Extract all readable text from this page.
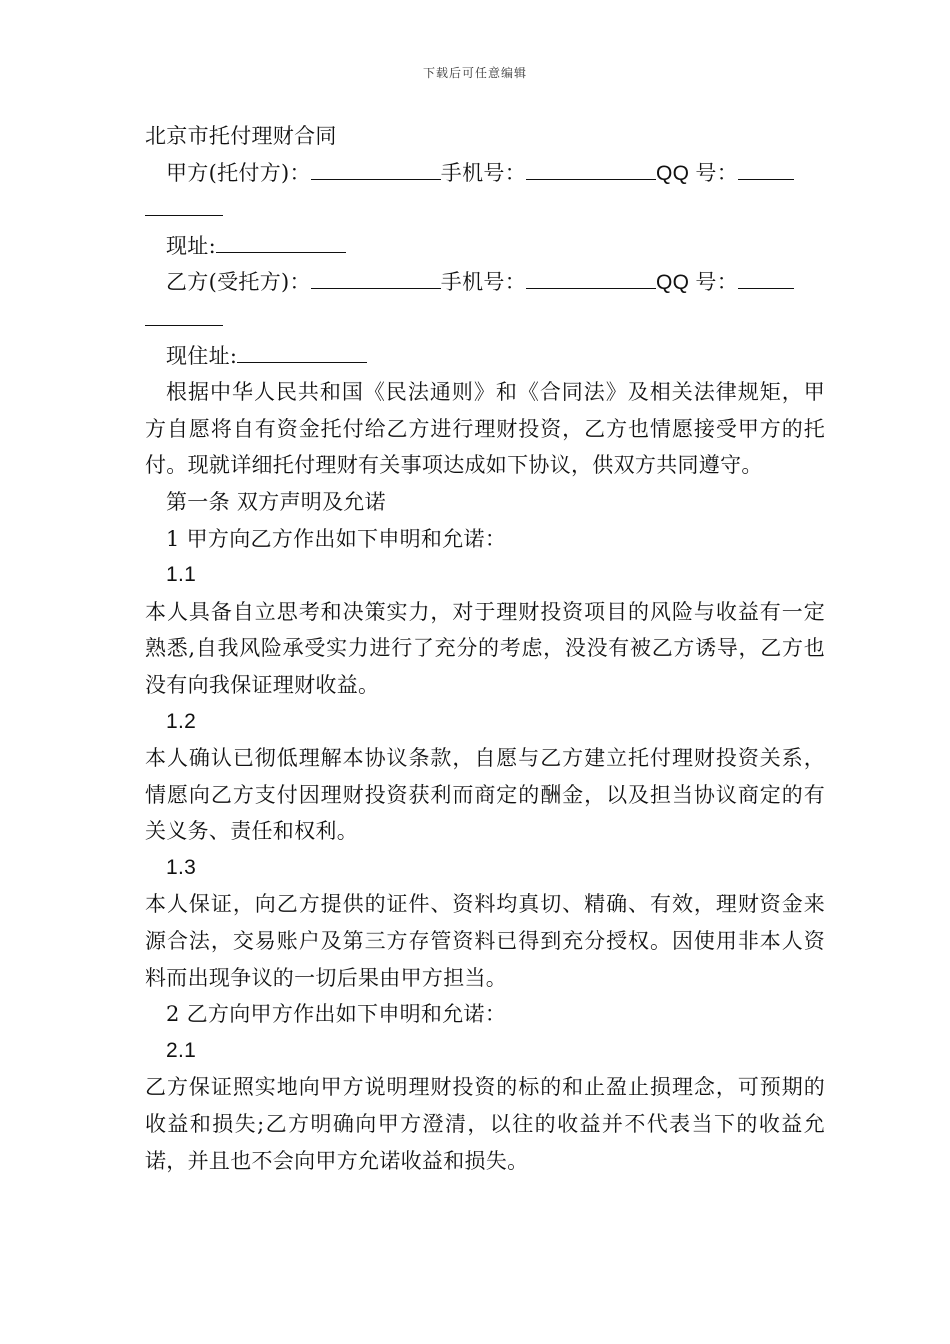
下载后可任意编辑
北京市托付理财合同
甲方(托付方)：	手机号：	QQ 号：
现址:
乙方(受托方)：	手机号：	QQ 号：
现住址:
根据中华人民共和国《民法通则》和《合同法》及相关法律规矩，甲方自愿将自有资金托付给乙方进行理财投资，乙方也情愿接受甲方的托付。现就详细托付理财有关事项达成如下协议，供双方共同遵守。
第一条 双方声明及允诺
1 甲方向乙方作出如下申明和允诺：
1.1
本人具备自立思考和决策实力，对于理财投资项目的风险与收益有一定熟悉,自我风险承受实力进行了充分的考虑，没没有被乙方诱导，乙方也没有向我保证理财收益。
1.2
本人确认已彻低理解本协议条款，自愿与乙方建立托付理财投资关系，情愿向乙方支付因理财投资获利而商定的酬金，以及担当协议商定的有关义务、责任和权利。
1.3
本人保证，向乙方提供的证件、资料均真切、精确、有效，理财资金来源合法，交易账户及第三方存管资料已得到充分授权。因使用非本人资料而出现争议的一切后果由甲方担当。
2 乙方向甲方作出如下申明和允诺：
2.1
乙方保证照实地向甲方说明理财投资的标的和止盈止损理念，可预期的收益和损失;乙方明确向甲方澄清，以往的收益并不代表当下的收益允诺，并且也不会向甲方允诺收益和损失。
